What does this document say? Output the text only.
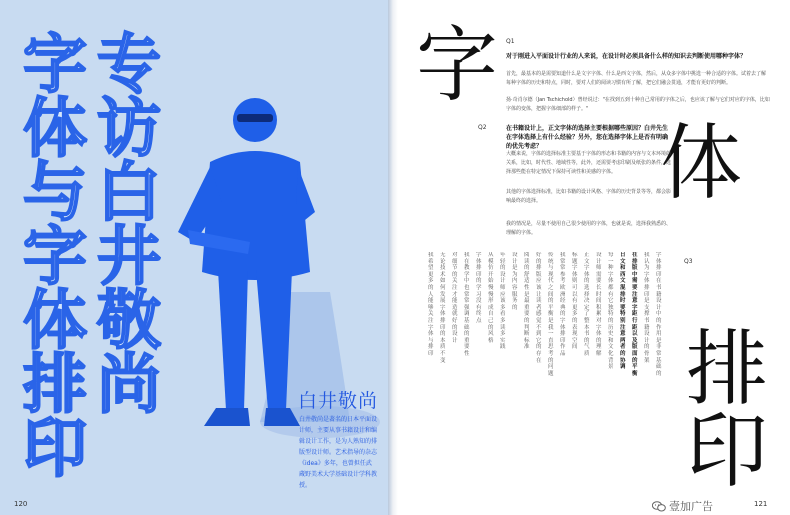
字体与字体排印 专访白井敬尚	白井敬尚
白井敬尚是著名的日本平面设计师，主要从事书籍设计和编辑设计工作，是为人熟知的排版型设计师。艺术指导的杂志《idea》多年，也曾担任武蔵野美术大学基础设计学科教授。
120
字
体
排
印
Q1
对于刚进入平面设计行业的人来说，在设计时必须具备什么样的知识去判断使用哪种字体？
首先，最基本的是需要知道什么是文字字体、什么是西文字体，然后，从众多字体中挑选一种合适的字体。试着去了解每种字体的历史和特点，同时，要对人们的阅读习惯有所了解，把它们融会贯通，才能有更好的判断。
扬·奇肖尔德（Jan Tschichold）曾经说过："在找到五到十种自己常用的字体之后，也应该了解与它们对应的字体，比如字体的变体，把握字体细部的样子。"
Q2	在书籍设计上，正文字体的选择主要根据哪些原因？白井先生在字体选择上有什么经验？另外，您在选择字体上是否有明确的优先考虑？
大概来说，字体的选择标准主要基于字体的形态和书籍的内容与文本环境的关系，比如，时代性、地域性等，此外，还需要考虑印刷及纸张的条件，选择那些能在特定情况下保持可读性和美感的字体。
其他的字体选择标准，比如书籍的设计风格、字体的历史背景等等，都会影响最终的选择。
我的情况是，尽量不使用自己很少使用的字体，也就是说，选择我熟悉的、理解的字体。
Q3
字体排印在书籍设计中的作用是非常基础的
我认为字体排印是支撑书籍设计的骨架
在排版中需要注意字距行距以及版面的平衡
日文和西文混排时要特别注意两者的协调
每一种字体都有它独特的历史和文化背景
设计师需要长时间积累对字体的理解
正文字体的选择决定了整本书的气质
标题字体则可以有更多的表现空间
我常常参考欧洲经典的字体排印作品
传统与现代之间的平衡是我一直思考的问题
好的排版应该让读者感觉不到它的存在
阅读的舒适性是最重要的判断标准
设计是为内容服务的
年轻的设计师应该多看多读多实践
从模仿开始慢慢形成自己的风格
字体排印的学习没有终点
我在教学中也常常强调基础的重要性
对细节的关注才能造就好的设计
无论技术如何发展字体排印的本质不变
我希望更多的人能够关注字体与排印
121
壹加广告
